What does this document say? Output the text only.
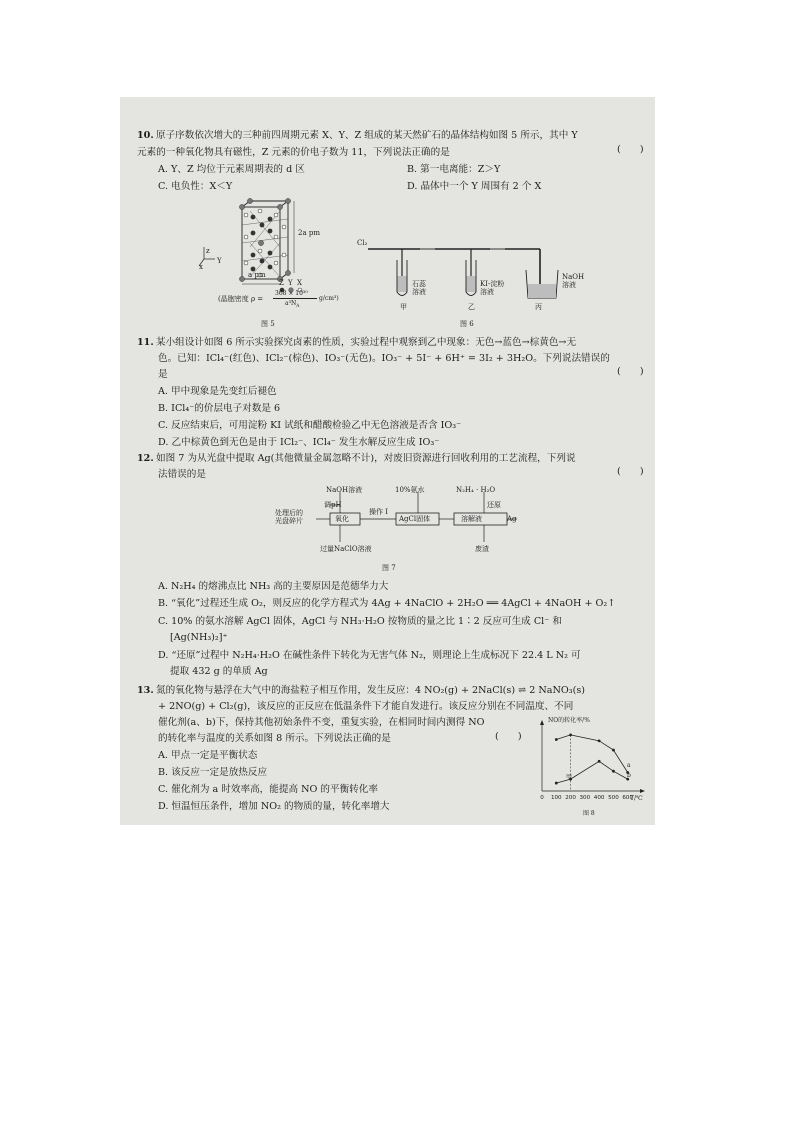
10. 原子序数依次增大的三种前四周期元素 X、Y、Z 组成的某天然矿石的晶体结构如图 5 所示，其中 Y
元素的一种氧化物具有磁性，Z 元素的价电子数为 11，下列说法正确的是	(　　)
A. Y、Z 均位于元素周期表的 d 区	B. 第一电离能：Z＞Y
C. 电负性：X＜Y	D. 晶体中一个 Y 周围有 2 个 X
z
x
Y
2a pm
a pm
Z Y X
(晶胞密度 ρ =
368 × 10³⁰
$a^3N_A$
g/cm³)
图 5
Cl₂
石蕊
溶液
KI-淀粉
溶液
NaOH
溶液
甲	乙	丙
图 6
11. 某小组设计如图 6 所示实验探究卤素的性质，实验过程中观察到乙中现象：无色→蓝色→棕黄色→无
色。已知：ICl₄⁻(红色)、ICl₂⁻(棕色)、IO₃⁻(无色)。IO₃⁻ + 5I⁻ + 6H⁺ = 3I₂ + 3H₂O。下列说法错误的
是	(　　)
A. 甲中现象是先变红后褪色
B. ICl₄⁻的价层电子对数是 6
C. 反应结束后，可用淀粉 KI 试纸和醋酸检验乙中无色溶液是否含 IO₃⁻
D. 乙中棕黄色到无色是由于 ICl₂⁻、ICl₄⁻ 发生水解反应生成 IO₃⁻
12. 如图 7 为从光盘中提取 Ag(其他微量金属忽略不计)，对废旧资源进行回收利用的工艺流程，下列说
法错误的是	(　　)
处理后的
光盘碎片
NaOH溶液
调pH
氧化
过量NaClO溶液
操作 I
10%氨水
AgCl固体
N₂H₄ · H₂O
还原
溶解液
废渣
Ag
图 7
A. N₂H₄ 的熔沸点比 NH₃ 高的主要原因是范德华力大
B. “氧化”过程还生成 O₂，则反应的化学方程式为 4Ag + 4NaClO + 2H₂O ══ 4AgCl + 4NaOH + O₂↑
C. 10% 的氨水溶解 AgCl 固体，AgCl 与 NH₃·H₂O 按物质的量之比 1∶2 反应可生成 Cl⁻ 和
[Ag(NH₃)₂]⁺
D. “还原”过程中 N₂H₄·H₂O 在碱性条件下转化为无害气体 N₂，则理论上生成标况下 22.4 L N₂ 可
提取 432 g 的单质 Ag
13. 氮的氧化物与悬浮在大气中的海盐粒子相互作用，发生反应：4 NO₂(g) + 2NaCl(s) ⇌ 2 NaNO₃(s)
+ 2NO(g) + Cl₂(g)，该反应的正反应在低温条件下才能自发进行。该反应分别在不同温度、不同
催化剂(a、b)下，保持其他初始条件不变，重复实验，在相同时间内测得 NO
的转化率与温度的关系如图 8 所示。下列说法正确的是	(　　)
A. 甲点一定是平衡状态
B. 该反应一定是放热反应
C. 催化剂为 a 时效率高，能提高 NO 的平衡转化率
D. 恒温恒压条件，增加 NO₂ 的物质的量，转化率增大
0 100 200 300 400 500 600
NO的转化率/%
T/℃
甲
a
b
图 8
